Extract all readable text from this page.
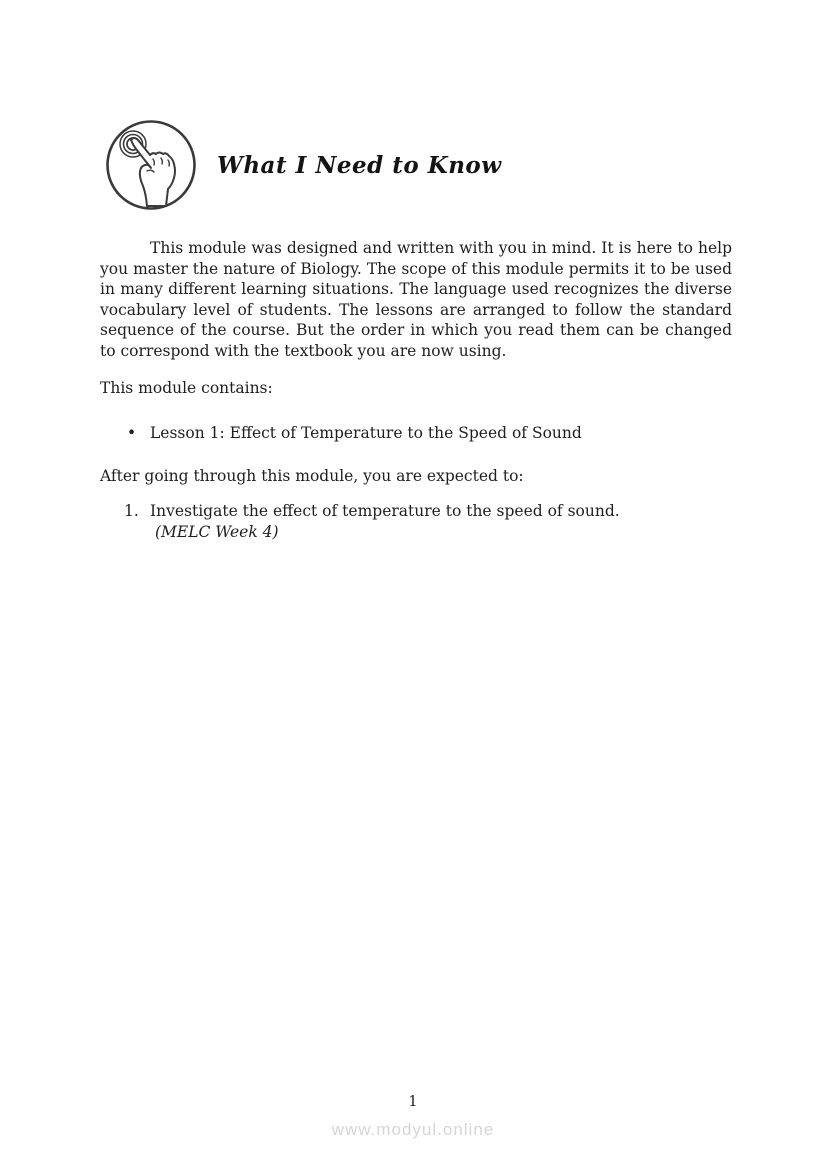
What I Need to Know

This module was designed and written with you in mind. It is here to help you master the nature of Biology. The scope of this module permits it to be used in many different learning situations. The language used recognizes the diverse vocabulary level of students. The lessons are arranged to follow the standard sequence of the course. But the order in which you read them can be changed to correspond with the textbook you are now using.

This module contains:
• Lesson 1: Effect of Temperature to the Speed of Sound
After going through this module, you are expected to:
1. Investigate the effect of temperature to the speed of sound.(MELC Week 4)
1
www.modyul.online
